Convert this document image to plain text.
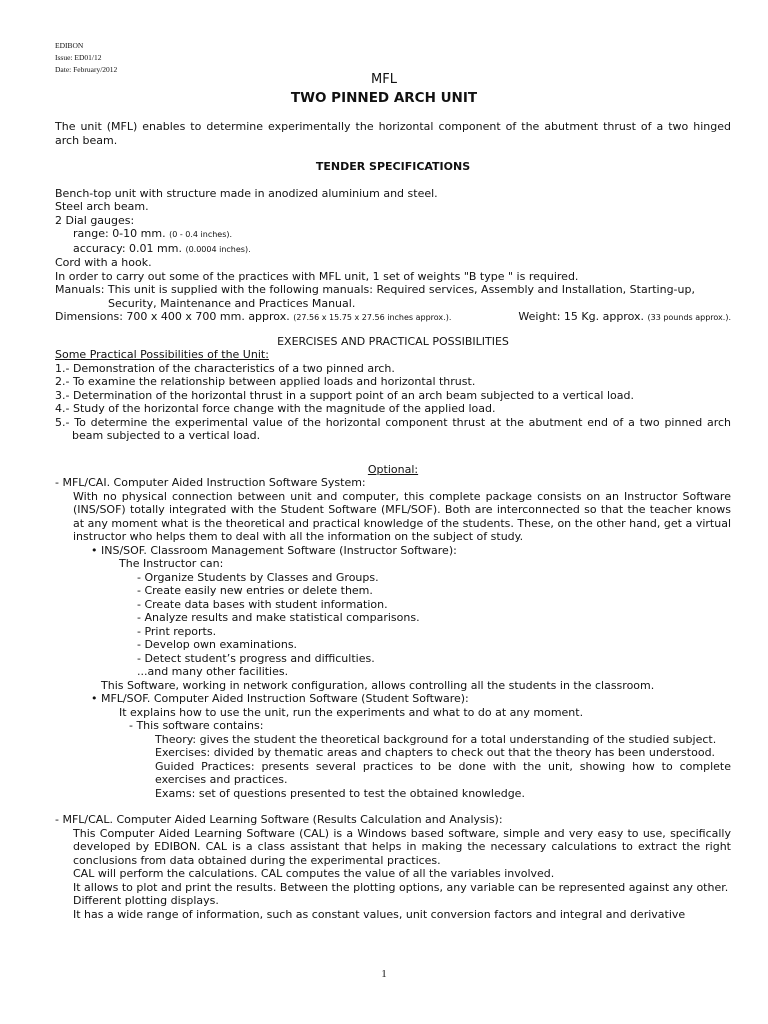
EDIBON
Issue: ED01/12
Date: February/2012
MFL
TWO PINNED ARCH UNIT

The unit (MFL) enables to determine experimentally the horizontal component of the abutment thrust of a two hinged arch beam.

TENDER SPECIFICATIONS

Bench-top unit with structure made in anodized aluminium and steel.

Steel arch beam.

2 Dial gauges:

range: 0-10 mm. (0 - 0.4 inches).

accuracy: 0.01 mm. (0.0004 inches).

Cord with a hook.

In order to carry out some of the practices with MFL unit, 1 set of weights "B type " is required.

Manuals: This unit is supplied with the following manuals: Required services, Assembly and Installation, Starting-up, Security, Maintenance and Practices Manual.

Dimensions: 700 x 400 x 700 mm. approx. (27.56 x 15.75 x 27.56 inches approx.).	Weight: 15 Kg. approx. (33 pounds approx.).

EXERCISES AND PRACTICAL POSSIBILITIES

Some Practical Possibilities of the Unit:

1.- Demonstration of the characteristics of a two pinned arch.

2.- To examine the relationship between applied loads and horizontal thrust.

3.- Determination of the horizontal thrust in a support point of an arch beam subjected to a vertical load.

4.- Study of the horizontal force change with the magnitude of the applied load.

5.- To determine the experimental value of the horizontal component thrust at the abutment end of a two pinned arch beam subjected to a vertical load.

Optional:

- MFL/CAI. Computer Aided Instruction Software System:

With no physical connection between unit and computer, this complete package consists on an Instructor Software (INS/SOF) totally integrated with the Student Software (MFL/SOF). Both are interconnected so that the teacher knows at any moment what is the theoretical and practical knowledge of the students. These, on the other hand, get a virtual instructor who helps them to deal with all the information on the subject of study.

• INS/SOF. Classroom Management Software (Instructor Software):

The Instructor can:

- Organize Students by Classes and Groups.

- Create easily new entries or delete them.

- Create data bases with student information.

- Analyze results and make statistical comparisons.

- Print reports.

- Develop own examinations.

- Detect student’s progress and difficulties.

...and many other facilities.

This Software, working in network configuration, allows controlling all the students in the classroom.

• MFL/SOF. Computer Aided Instruction Software (Student Software):

It explains how to use the unit, run the experiments and what to do at any moment.

- This software contains:

Theory: gives the student the theoretical background for a total understanding of the studied subject.

Exercises: divided by thematic areas and chapters to check out that the theory has been understood.

Guided Practices: presents several practices to be done with the unit, showing how to complete exercises and practices.

Exams: set of questions presented to test the obtained knowledge.

- MFL/CAL. Computer Aided Learning Software (Results Calculation and Analysis):

This Computer Aided Learning Software (CAL) is a Windows based software, simple and very easy to use, specifically developed by EDIBON. CAL is a class assistant that helps in making the necessary calculations to extract the right conclusions from data obtained during the experimental practices.

CAL will perform the calculations. CAL computes the value of all the variables involved.

It allows to plot and print the results. Between the plotting options, any variable can be represented against any other.

Different plotting displays.

It has a wide range of information, such as constant values, unit conversion factors and integral and derivative

1
